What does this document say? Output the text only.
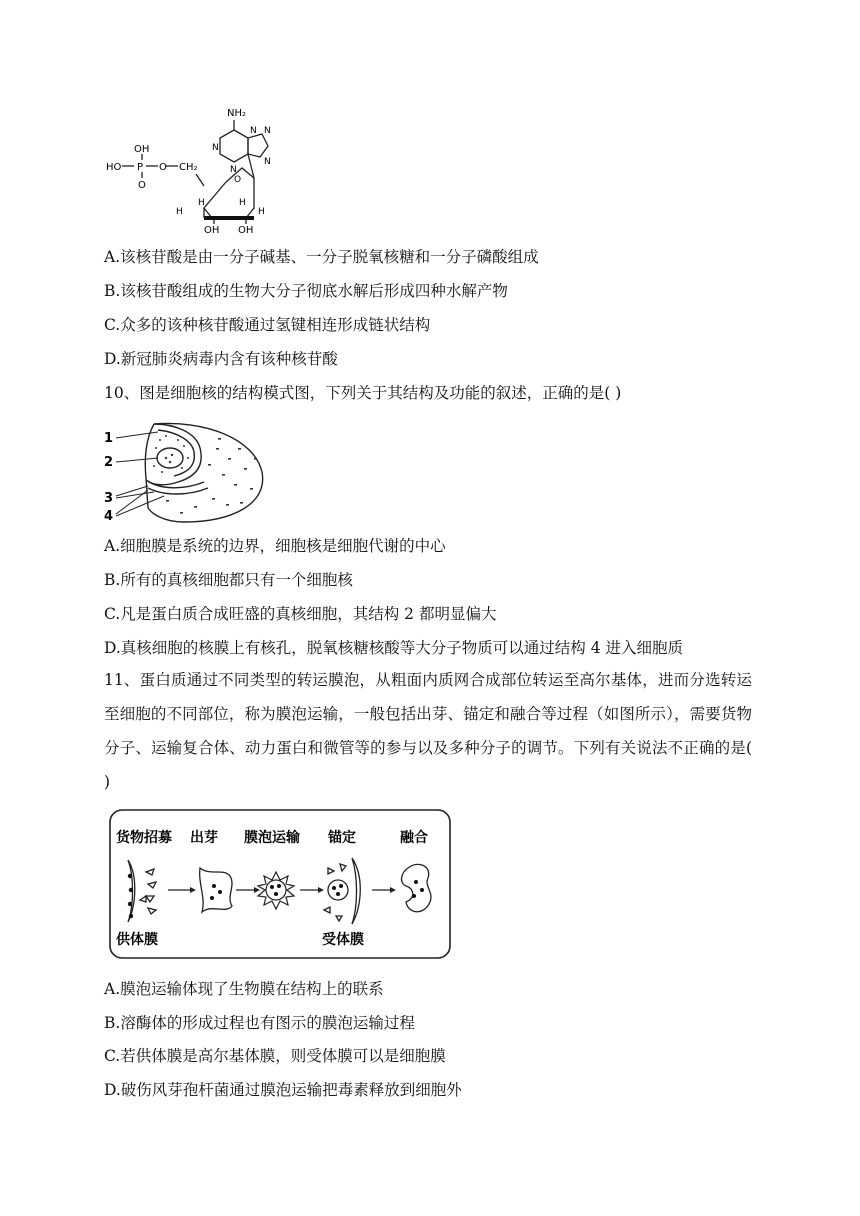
NH₂
N N
N
N
N
O
OH
HO P
O
O CH₂
H
H	H
H
OH OH
A.该核苷酸是由一分子碱基、一分子脱氧核糖和一分子磷酸组成
B.该核苷酸组成的生物大分子彻底水解后形成四种水解产物
C.众多的该种核苷酸通过氢键相连形成链状结构
D.新冠肺炎病毒内含有该种核苷酸
10、图是细胞核的结构模式图，下列关于其结构及功能的叙述，正确的是( )
1
2
3
4
A.细胞膜是系统的边界，细胞核是细胞代谢的中心
B.所有的真核细胞都只有一个细胞核
C.凡是蛋白质合成旺盛的真核细胞，其结构 2 都明显偏大
D.真核细胞的核膜上有核孔，脱氧核糖核酸等大分子物质可以通过结构 4 进入细胞质
11、蛋白质通过不同类型的转运膜泡，从粗面内质网合成部位转运至高尔基体，进而分选转运至细胞的不同部位，称为膜泡运输，一般包括出芽、锚定和融合等过程（如图所示），需要货物分子、运输复合体、动力蛋白和微管等的参与以及多种分子的调节。下列有关说法不正确的是( )
货物招募 出芽 膜泡运输 锚定	融合
供体膜	受体膜
A.膜泡运输体现了生物膜在结构上的联系
B.溶酶体的形成过程也有图示的膜泡运输过程
C.若供体膜是高尔基体膜，则受体膜可以是细胞膜
D.破伤风芽孢杆菌通过膜泡运输把毒素释放到细胞外
